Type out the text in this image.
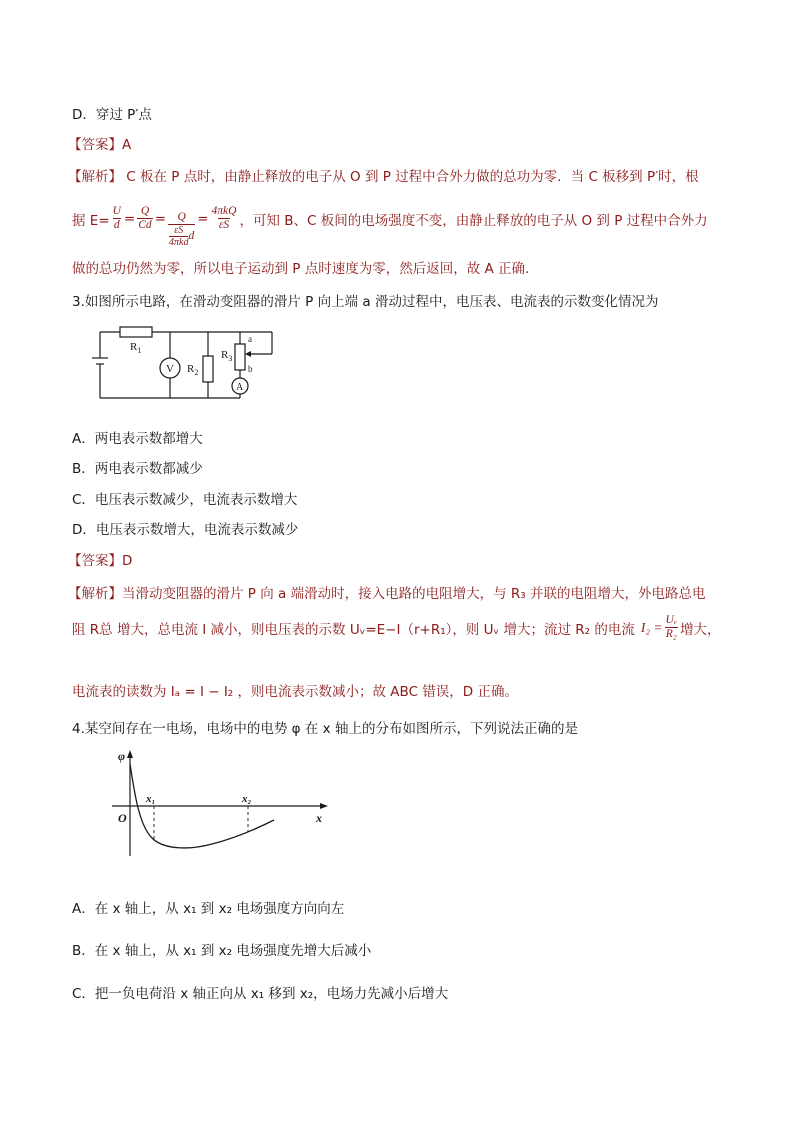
D．穿过 P′点
【答案】A
【解析】 C 板在 P 点时，由静止释放的电子从 O 到 P 过程中合外力做的总功为零．当 C 板移到 P′时，根
据 $E= \frac{U}{d} = \frac{Q}{Cd} = Q$
εS
4πkd
$d = \frac{\text{4πkQ}}{\varepsilon S}$ ，可知 B、C 板间的电场强度不变，由静止释放的电子从 O 到 P 过程中合外力
做的总功仍然为零，所以电子运动到 P 点时速度为零，然后返回，故 A 正确．
3.如图所示电路，在滑动变阻器的滑片 P 向上端 a 滑动过程中，电压表、电流表的示数变化情况为
$R_1$
V $R_2$
$R_3$
A
a
b
A．两电表示数都增大
B．两电表示数都减少
C．电压表示数减少，电流表示数增大
D．电压表示数增大，电流表示数减少
【答案】D
【解析】当滑动变阻器的滑片 P 向 a 端滑动时，接入电路的电阻增大，与 R₃ 并联的电阻增大，外电路总电
阻 R总 增大，总电流 I 减小，则电压表的示数 Uᵥ=E−I（r+R₁），则 Uᵥ 增大；流过 R₂ 的电流 $I_2 = \frac{\text{Uᵥ}}{\text{R₂}}$ 增大，
电流表的读数为 Iₐ = I − I₂ ，则电流表示数减小；故 ABC 错误，D 正确。
4.某空间存在一电场，电场中的电势 φ 在 x 轴上的分布如图所示，下列说法正确的是
φ
x
O
x₁	x₂
A．在 x 轴上，从 x₁ 到 x₂ 电场强度方向向左
B．在 x 轴上，从 x₁ 到 x₂ 电场强度先增大后减小
C．把一负电荷沿 x 轴正向从 x₁ 移到 x₂，电场力先减小后增大
